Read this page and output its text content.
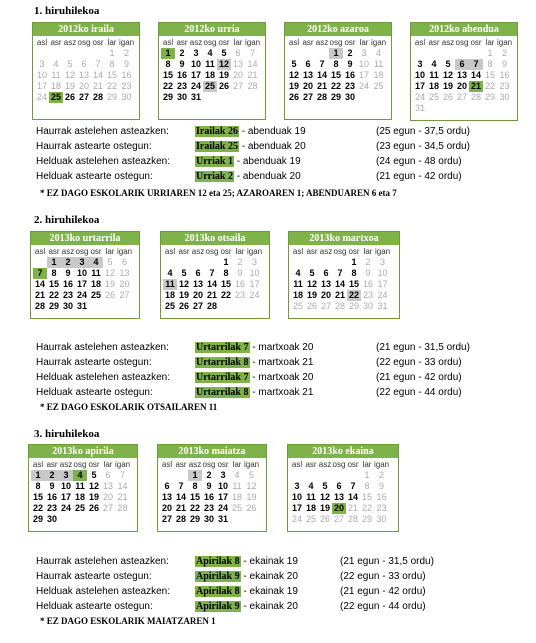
1. hiruhilekoa
2012ko iraila
asl	asr	asz	osg	osr	lar	igan
					1	2
3	4	5	6	7	8	9
10	11	12	13	14	15	16
17	18	19	20	21	22	23
24	25	26	27	28	29	30
2012ko urria
asl	asr	asz	osg	osr	lar	igan
1	2	3	4	5	6	7
8	9	10	11	12	13	14
15	16	17	18	19	20	21
22	23	24	25	26	27	28
29	30	31				
2012ko azaroa
asl	asr	asz	osg	osr	lar	igan
			1	2	3	4
5	6	7	8	9	10	11
12	13	14	15	16	17	18
19	20	21	22	23	24	25
26	27	28	29	30		
2012ko abendua
asl	asr	asz	osg	osr	lar	igan
					1	2
3	4	5	6	7	8	9
10	11	12	13	14	15	16
17	18	19	20	21	22	23
24	25	26	27	28	29	30
31						
Haurrak astelehen asteazken:	Irailak 26 - abenduak 19	(25 egun - 37,5 ordu)
Haurrak astearte ostegun:	Irailak 25 - abenduak 20	(23 egun - 34,5 ordu)
Helduak astelehen asteazken:	Urriak 1 - abenduak 19	(24 egun - 48 ordu)
Helduak astearte ostegun:	Urriak 2 - abenduak 20	(21 egun - 42 ordu)
* EZ DAGO ESKOLARIK URRIAREN 12 eta 25; AZAROAREN 1; ABENDUAREN 6 eta 7
2. hiruhilekoa
2013ko urtarrila
asl	asr	asz	osg	osr	lar	igan
	1	2	3	4	5	6
7	8	9	10	11	12	13
14	15	16	17	18	19	20
21	22	23	24	25	26	27
28	29	30	31			
2013ko otsaila
asl	asr	asz	osg	osr	lar	igan
				1	2	3
4	5	6	7	8	9	10
11	12	13	14	15	16	17
18	19	20	21	22	23	24
25	26	27	28			
2013ko martxoa
asl	asr	asz	osg	osr	lar	igan
				1	2	3
4	5	6	7	8	9	10
11	12	13	14	15	16	17
18	19	20	21	22	23	24
25	26	27	28	29	30	31
Haurrak astelehen asteazken:	Urtarrilak 7 - martxoak 20	(21 egun - 31,5 ordu)
Haurrak astearte ostegun:	Urtarrilak 8 - martxoak 21	(22 egun - 33 ordu)
Helduak astelehen asteazken:	Urtarrilak 7 - martxoak 20	(21 egun - 42 ordu)
Helduak astearte ostegun:	Urtarrilak 8 - martxoak 21	(22 egun - 44 ordu)
* EZ DAGO ESKOLARIK OTSAILAREN 11
3. hiruhilekoa
2013ko apirila
asl	asr	asz	osg	osr	lar	igan
1	2	3	4	5	6	7
8	9	10	11	12	13	14
15	16	17	18	19	20	21
22	23	24	25	26	27	28
29	30					
2013ko maiatza
asl	asr	asz	osg	osr	lar	igan
		1	2	3	4	5
6	7	8	9	10	11	12
13	14	15	16	17	18	19
20	21	22	23	24	25	26
27	28	29	30	31		
2013ko ekaina
asl	asr	asz	osg	osr	lar	igan
					1	2
3	4	5	6	7	8	9
10	11	12	13	14	15	16
17	18	19	20	21	22	23
24	25	26	27	28	29	30
Haurrak astelehen asteazken:	Apirilak 8 - ekainak 19	(21 egun - 31,5 ordu)
Haurrak astearte ostegun:	Apirilak 9 - ekainak 20	(22 egun - 33 ordu)
Helduak astelehen asteazken:	Apirilak 8 - ekainak 19	(21 egun - 42 ordu)
Helduak astearte ostegun:	Apirilak 9 - ekainak 20	(22 egun - 44 ordu)
* EZ DAGO ESKOLARIK MAIATZAREN 1
